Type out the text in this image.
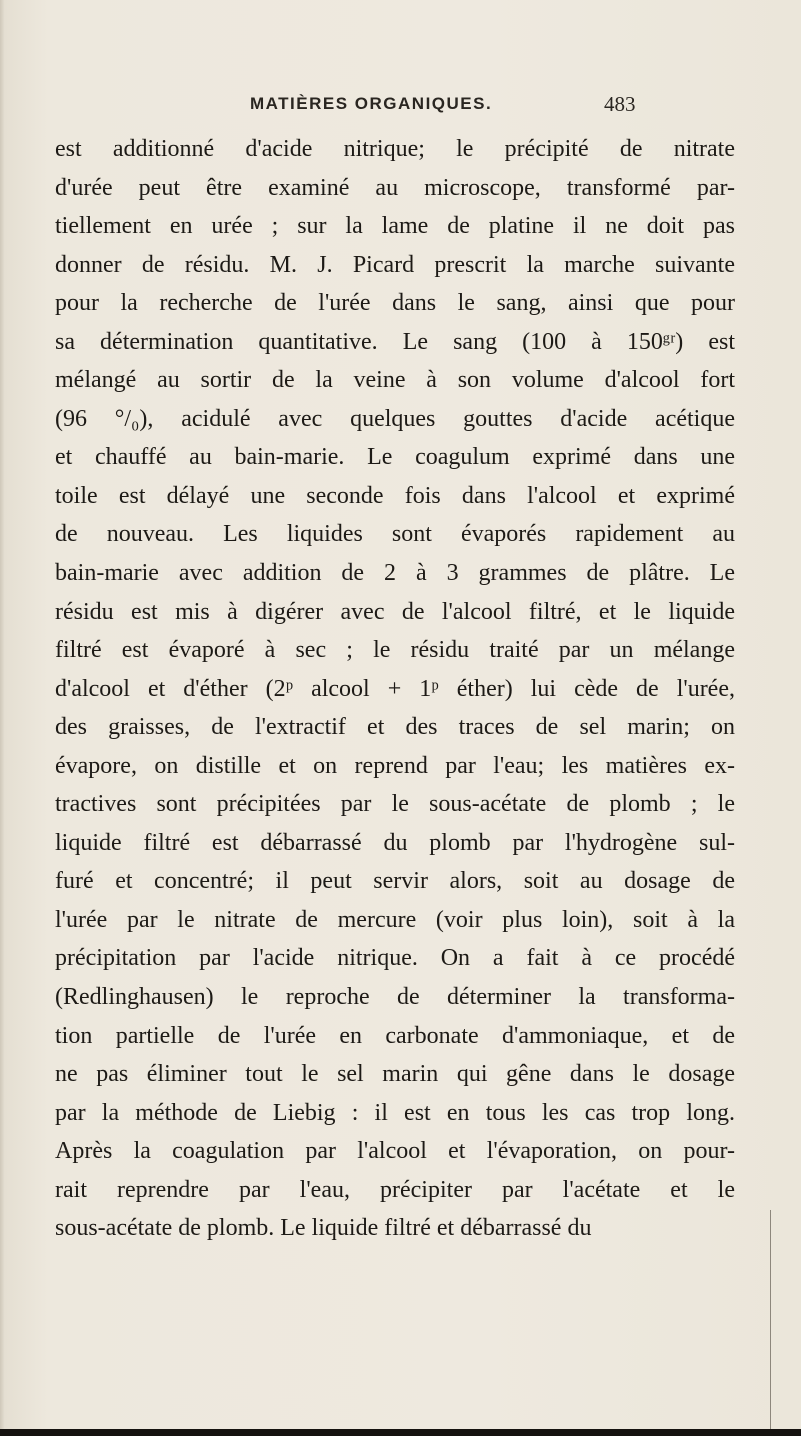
MATIÈRES ORGANIQUES.	483
est additionné d'acide nitrique; le précipité de nitrate
d'urée peut être examiné au microscope, transformé par-
tiellement en urée ; sur la lame de platine il ne doit pas
donner de résidu. M. J. Picard prescrit la marche suivante
pour la recherche de l'urée dans le sang, ainsi que pour
sa détermination quantitative. Le sang (100 à 150ᵍʳ) est
mélangé au sortir de la veine à son volume d'alcool fort
(96 °/₀), acidulé avec quelques gouttes d'acide acétique
et chauffé au bain-marie. Le coagulum exprimé dans une
toile est délayé une seconde fois dans l'alcool et exprimé
de nouveau. Les liquides sont évaporés rapidement au
bain-marie avec addition de 2 à 3 grammes de plâtre. Le
résidu est mis à digérer avec de l'alcool filtré, et le liquide
filtré est évaporé à sec ; le résidu traité par un mélange
d'alcool et d'éther (2ᵖ alcool + 1ᵖ éther) lui cède de l'urée,
des graisses, de l'extractif et des traces de sel marin; on
évapore, on distille et on reprend par l'eau; les matières ex-
tractives sont précipitées par le sous-acétate de plomb ; le
liquide filtré est débarrassé du plomb par l'hydrogène sul-
furé et concentré; il peut servir alors, soit au dosage de
l'urée par le nitrate de mercure (voir plus loin), soit à la
précipitation par l'acide nitrique. On a fait à ce procédé
(Redlinghausen) le reproche de déterminer la transforma-
tion partielle de l'urée en carbonate d'ammoniaque, et de
ne pas éliminer tout le sel marin qui gêne dans le dosage
par la méthode de Liebig : il est en tous les cas trop long.
Après la coagulation par l'alcool et l'évaporation, on pour-
rait reprendre par l'eau, précipiter par l'acétate et le
sous-acétate de plomb. Le liquide filtré et débarrassé du
